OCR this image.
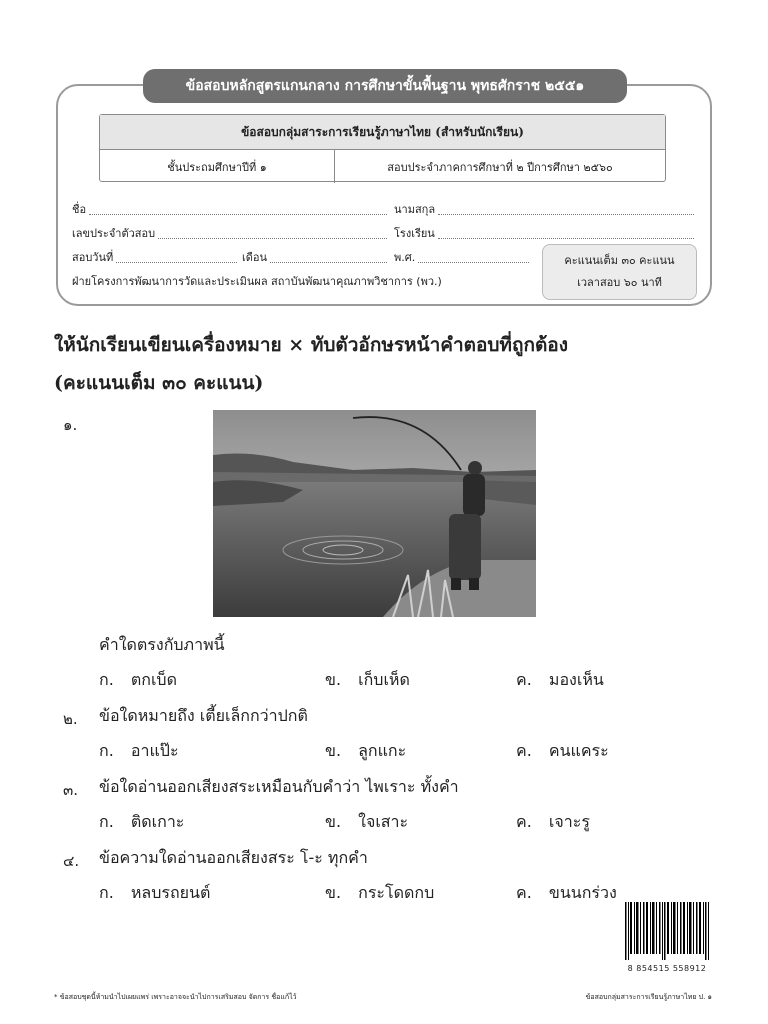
ข้อสอบหลักสูตรแกนกลาง การศึกษาขั้นพื้นฐาน พุทธศักราช ๒๕๕๑
ข้อสอบกลุ่มสาระการเรียนรู้ภาษาไทย (สำหรับนักเรียน)
ชั้นประถมศึกษาปีที่ ๑	สอบประจำภาคการศึกษาที่ ๒ ปีการศึกษา ๒๕๖๐
ชื่อ	นามสกุล
เลขประจำตัวสอบ	โรงเรียน
สอบวันที่	เดือน	พ.ศ.
ฝ่ายโครงการพัฒนาการวัดและประเมินผล สถาบันพัฒนาคุณภาพวิชาการ (พว.)
คะแนนเต็ม ๓๐ คะแนน
เวลาสอบ ๖๐ นาที
ให้นักเรียนเขียนเครื่องหมาย × ทับตัวอักษรหน้าคำตอบที่ถูกต้อง
(คะแนนเต็ม ๓๐ คะแนน)
๑.
คำใดตรงกับภาพนี้
ก. ตกเบ็ด	ข. เก็บเห็ด	ค. มองเห็น
๒. ข้อใดหมายถึง เตี้ยเล็กกว่าปกติ
ก. อาแป๊ะ	ข. ลูกแกะ	ค. คนแคระ
๓. ข้อใดอ่านออกเสียงสระเหมือนกับคำว่า ไพเราะ ทั้งคำ
ก. ติดเกาะ	ข. ใจเสาะ	ค. เจาะรู
๔. ข้อความใดอ่านออกเสียงสระ โ-ะ ทุกคำ
ก. หลบรถยนต์	ข. กระโดดกบ	ค. ขนนกร่วง
8 854515 558912
* ข้อสอบชุดนี้ห้ามนำไปเผยแพร่ เพราะอาจจะนำไปการเสริมสอบ จัดการ ชื่อแก้ไว้	ข้อสอบกลุ่มสาระการเรียนรู้ภาษาไทย ป. ๑
